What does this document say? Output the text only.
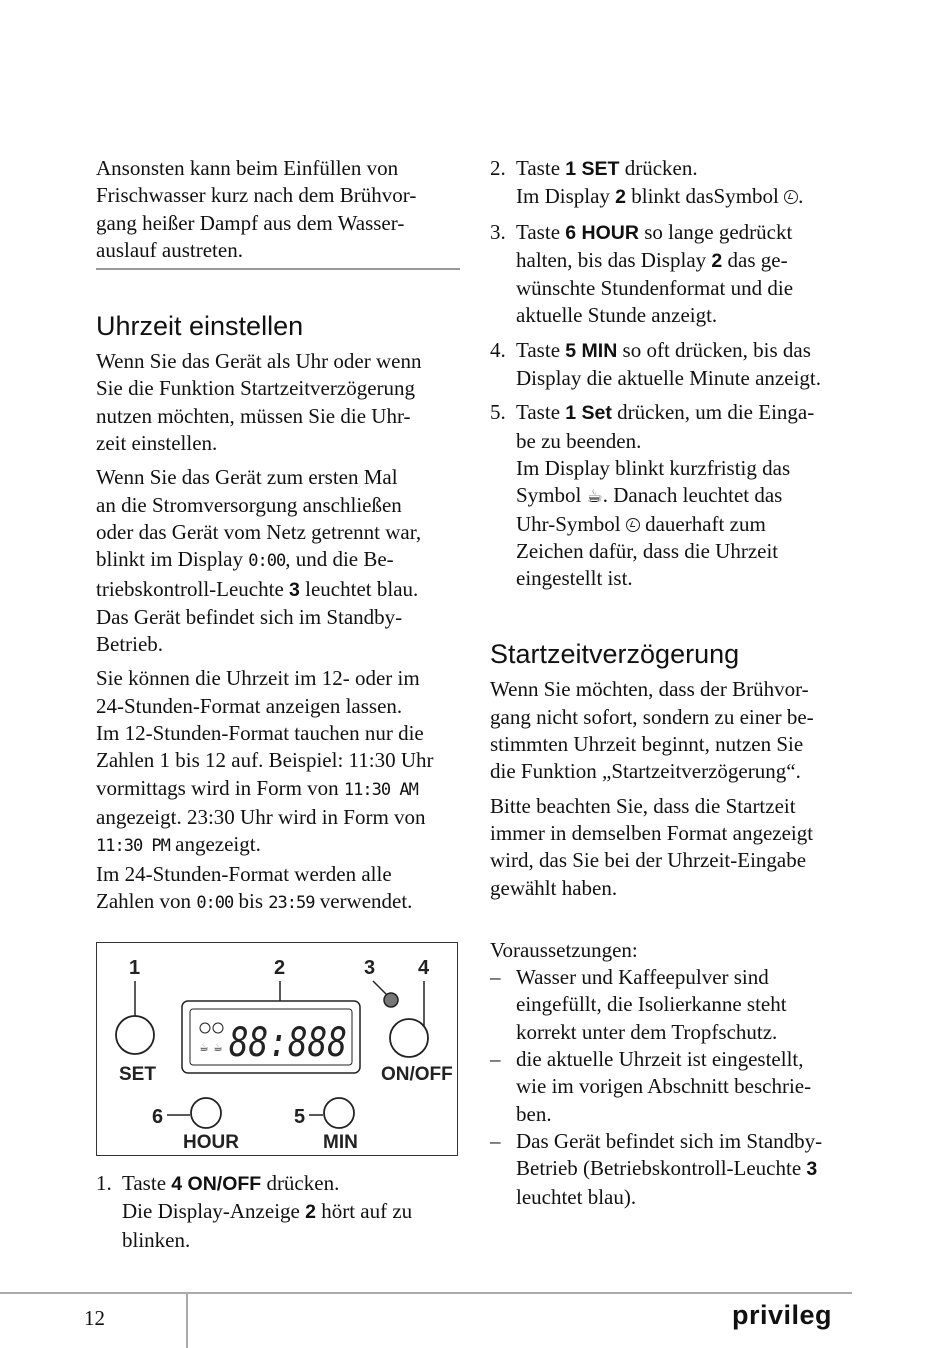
Ansonsten kann beim Einfüllen von
Frischwasser kurz nach dem Brühvor-
gang heißer Dampf aus dem Wasser-
auslauf austreten.
Uhrzeit einstellen

Wenn Sie das Gerät als Uhr oder wenn
Sie die Funktion Startzeitverzögerung
nutzen möchten, müssen Sie die Uhr-
zeit einstellen.

Wenn Sie das Gerät zum ersten Mal
an die Stromversorgung anschließen
oder das Gerät vom Netz getrennt war,
blinkt im Display 0:00, und die Be-
triebskontroll-Leuchte 3 leuchtet blau.
Das Gerät befindet sich im Standby-
Betrieb.

Sie können die Uhrzeit im 12- oder im
24-Stunden-Format anzeigen lassen.
Im 12-Stunden-Format tauchen nur die
Zahlen 1 bis 12 auf. Beispiel: 11:30 Uhr
vormittags wird in Form von 11:30 AM
angezeigt. 23:30 Uhr wird in Form von
11:30 PM angezeigt.
Im 24-Stunden-Format werden alle
Zahlen von 0:00 bis 23:59 verwendet.

1	2	3 4
SET
☕ ☕ 88:888
ON/OFF
6
HOUR
5
MIN
1. Taste 4 ON/OFF drücken.
Die Display-Anzeige 2 hört auf zu
blinken.
2. Taste 1 SET drücken.
Im Display 2 blinkt dasSymbol .
3. Taste 6 HOUR so lange gedrückt
halten, bis das Display 2 das ge-
wünschte Stundenformat und die
aktuelle Stunde anzeigt.
4. Taste 5 MIN so oft drücken, bis das
Display die aktuelle Minute anzeigt.
5. Taste 1 Set drücken, um die Einga-
be zu beenden.
Im Display blinkt kurzfristig das
Symbol ☕. Danach leuchtet das
Uhr-Symbol  dauerhaft zum
Zeichen dafür, dass die Uhrzeit
eingestellt ist.
Startzeitverzögerung

Wenn Sie möchten, dass der Brühvor-
gang nicht sofort, sondern zu einer be-
stimmten Uhrzeit beginnt, nutzen Sie
die Funktion „Startzeitverzögerung“.

Bitte beachten Sie, dass die Startzeit
immer in demselben Format angezeigt
wird, das Sie bei der Uhrzeit-Eingabe
gewählt haben.

Voraussetzungen:
– Wasser und Kaffeepulver sind
eingefüllt, die Isolierkanne steht
korrekt unter dem Tropfschutz.
– die aktuelle Uhrzeit ist eingestellt,
wie im vorigen Abschnitt beschrie-
ben.
– Das Gerät befindet sich im Standby-
Betrieb (Betriebskontroll-Leuchte 3
leuchtet blau).
12	privileg
